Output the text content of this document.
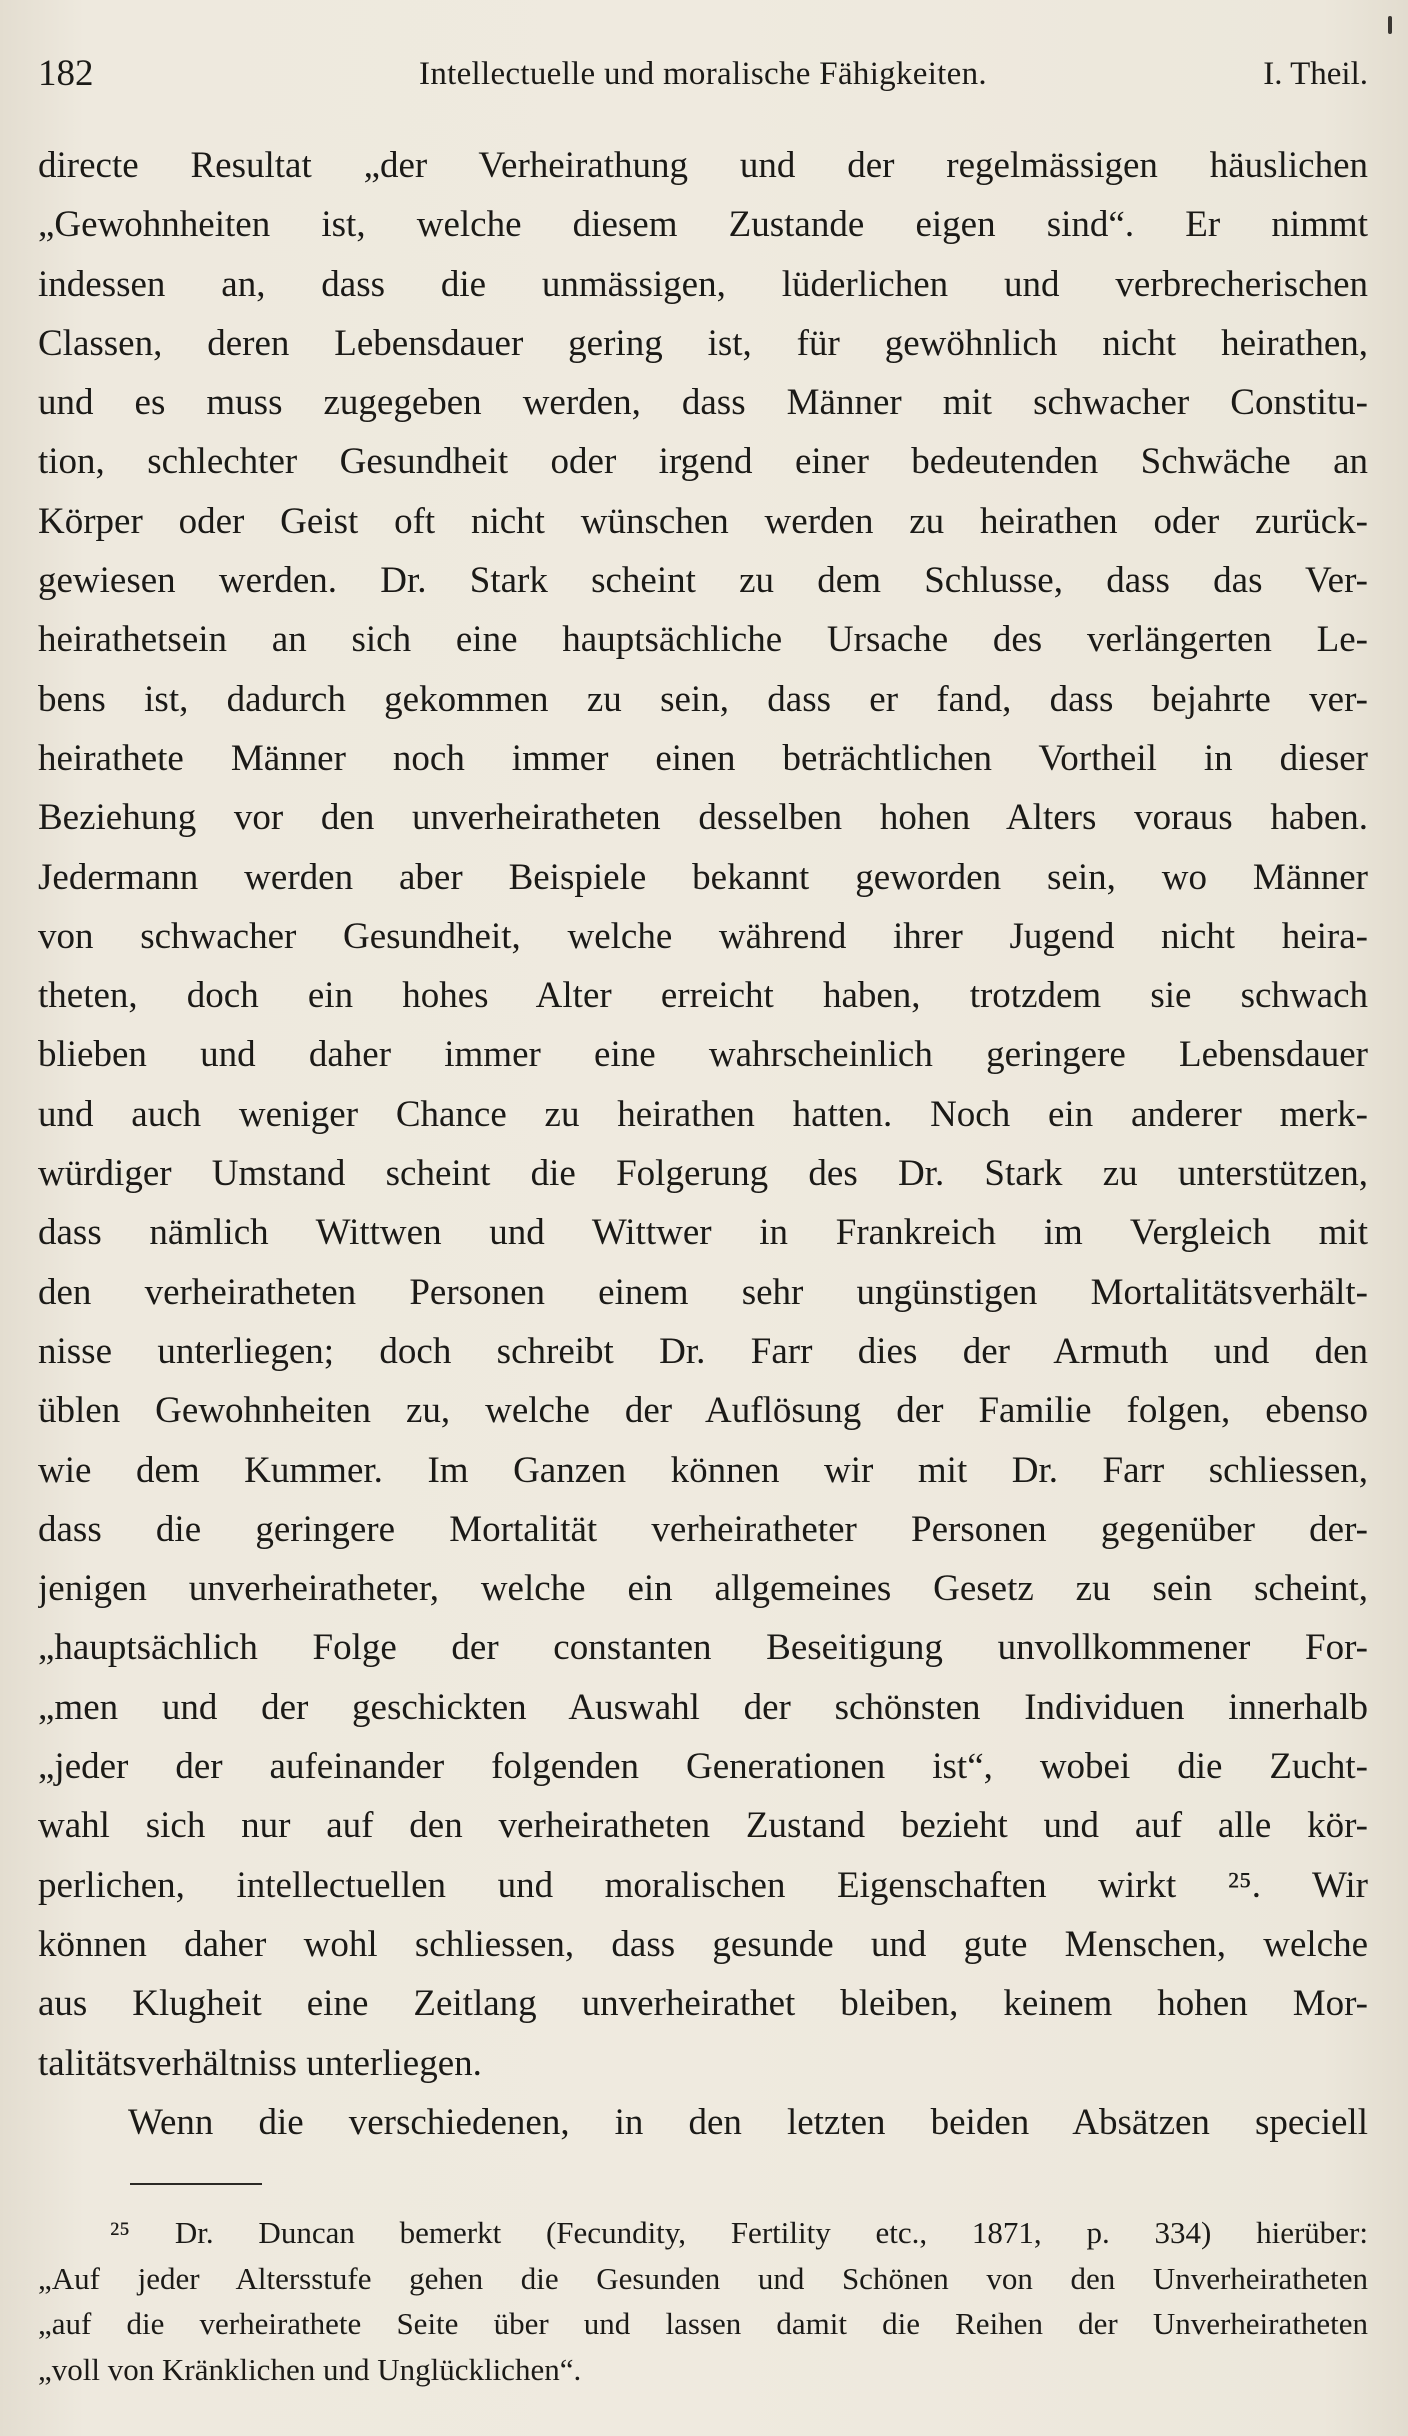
182	Intellectuelle und moralische Fähigkeiten.	I. Theil.
directe Resultat „der Verheirathung und der regelmässigen häuslichen
„Gewohnheiten ist, welche diesem Zustande eigen sind“. Er nimmt
indessen an, dass die unmässigen, lüderlichen und verbrecherischen
Classen, deren Lebensdauer gering ist, für gewöhnlich nicht heirathen,
und es muss zugegeben werden, dass Männer mit schwacher Constitu-
tion, schlechter Gesundheit oder irgend einer bedeutenden Schwäche an
Körper oder Geist oft nicht wünschen werden zu heirathen oder zurück-
gewiesen werden. Dr. Stark scheint zu dem Schlusse, dass das Ver-
heirathetsein an sich eine hauptsächliche Ursache des verlängerten Le-
bens ist, dadurch gekommen zu sein, dass er fand, dass bejahrte ver-
heirathete Männer noch immer einen beträchtlichen Vortheil in dieser
Beziehung vor den unverheiratheten desselben hohen Alters voraus haben.
Jedermann werden aber Beispiele bekannt geworden sein, wo Männer
von schwacher Gesundheit, welche während ihrer Jugend nicht heira-
theten, doch ein hohes Alter erreicht haben, trotzdem sie schwach
blieben und daher immer eine wahrscheinlich geringere Lebensdauer
und auch weniger Chance zu heirathen hatten. Noch ein anderer merk-
würdiger Umstand scheint die Folgerung des Dr. Stark zu unterstützen,
dass nämlich Wittwen und Wittwer in Frankreich im Vergleich mit
den verheiratheten Personen einem sehr ungünstigen Mortalitätsverhält-
nisse unterliegen; doch schreibt Dr. Farr dies der Armuth und den
üblen Gewohnheiten zu, welche der Auflösung der Familie folgen, ebenso
wie dem Kummer. Im Ganzen können wir mit Dr. Farr schliessen,
dass die geringere Mortalität verheiratheter Personen gegenüber der-
jenigen unverheiratheter, welche ein allgemeines Gesetz zu sein scheint,
„hauptsächlich Folge der constanten Beseitigung unvollkommener For-
„men und der geschickten Auswahl der schönsten Individuen innerhalb
„jeder der aufeinander folgenden Generationen ist“, wobei die Zucht-
wahl sich nur auf den verheiratheten Zustand bezieht und auf alle kör-
perlichen, intellectuellen und moralischen Eigenschaften wirkt ²⁵. Wir
können daher wohl schliessen, dass gesunde und gute Menschen, welche
aus Klugheit eine Zeitlang unverheirathet bleiben, keinem hohen Mor-
talitätsverhältniss unterliegen.
Wenn die verschiedenen, in den letzten beiden Absätzen speciell
²⁵ Dr. Duncan bemerkt (Fecundity, Fertility etc., 1871, p. 334) hierüber:
„Auf jeder Altersstufe gehen die Gesunden und Schönen von den Unverheiratheten
„auf die verheirathete Seite über und lassen damit die Reihen der Unverheiratheten
„voll von Kränklichen und Unglücklichen“.
